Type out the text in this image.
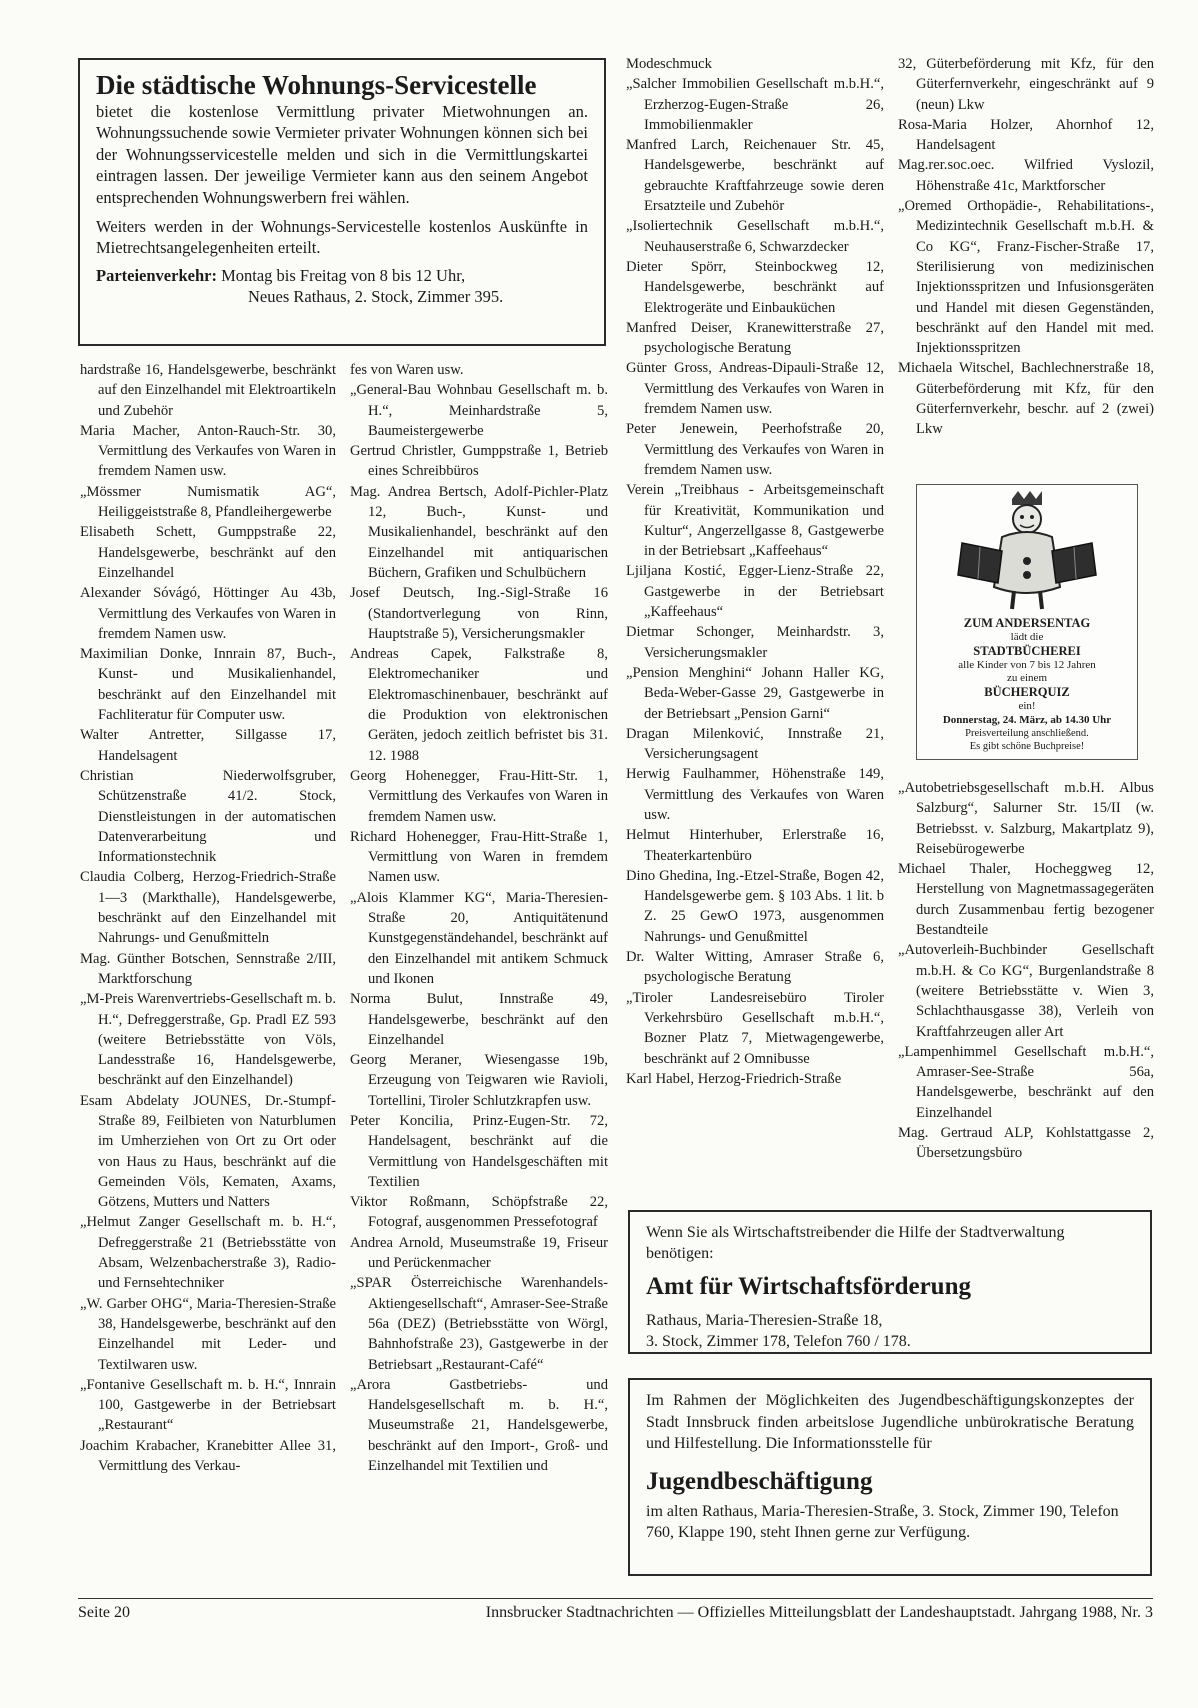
Die städtische Wohnungs-Servicestelle

bietet die kostenlose Vermittlung privater Mietwohnungen an. Wohnungssuchende sowie Vermieter privater Wohnungen können sich bei der Wohnungsservicestelle melden und sich in die Vermittlungskartei eintragen lassen. Der jeweilige Vermieter kann aus den seinem Angebot entsprechenden Wohnungswerbern frei wählen.

Weiters werden in der Wohnungs-Servicestelle kostenlos Auskünfte in Mietrechtsangelegenheiten erteilt.

Parteienverkehr: Montag bis Freitag von 8 bis 12 Uhr,

Neues Rathaus, 2. Stock, Zimmer 395.

hardstraße 16, Handelsgewerbe, beschränkt auf den Einzelhandel mit Elektroartikeln und Zubehör

Maria Macher, Anton-Rauch-Str. 30, Vermittlung des Verkaufes von Waren in fremdem Namen usw.

„Mössmer Numismatik AG“, Heiliggeiststraße 8, Pfandleihergewerbe

Elisabeth Schett, Gumppstraße 22, Handelsgewerbe, beschränkt auf den Einzelhandel

Alexander Sóvágó, Höttinger Au 43b, Vermittlung des Verkaufes von Waren in fremdem Namen usw.

Maximilian Donke, Innrain 87, Buch-, Kunst- und Musikalienhandel, beschränkt auf den Einzelhandel mit Fachliteratur für Computer usw.

Walter Antretter, Sillgasse 17, Handelsagent

Christian Niederwolfsgruber, Schützenstraße 41/2. Stock, Dienstleistungen in der automatischen Datenverarbeitung und Informationstechnik

Claudia Colberg, Herzog-Friedrich-Straße 1—3 (Markthalle), Handelsgewerbe, beschränkt auf den Einzelhandel mit Nahrungs- und Genußmitteln

Mag. Günther Botschen, Sennstraße 2/III, Marktforschung

„M-Preis Warenvertriebs-Gesellschaft m. b. H.“, Defreggerstraße, Gp. Pradl EZ 593 (weitere Betriebsstätte von Völs, Landesstraße 16, Handelsgewerbe, beschränkt auf den Einzelhandel)

Esam Abdelaty JOUNES, Dr.-Stumpf-Straße 89, Feilbieten von Naturblumen im Umherziehen von Ort zu Ort oder von Haus zu Haus, beschränkt auf die Gemeinden Völs, Kematen, Axams, Götzens, Mutters und Natters

„Helmut Zanger Gesellschaft m. b. H.“, Defreggerstraße 21 (Betriebsstätte von Absam, Welzenbacherstraße 3), Radio- und Fernsehtechniker

„W. Garber OHG“, Maria-Theresien-Straße 38, Handelsgewerbe, beschränkt auf den Einzelhandel mit Leder- und Textilwaren usw.

„Fontanive Gesellschaft m. b. H.“, Innrain 100, Gastgewerbe in der Betriebsart „Restaurant“

Joachim Krabacher, Kranebitter Allee 31, Vermittlung des Verkau-

fes von Waren usw.

„General-Bau Wohnbau Gesellschaft m. b. H.“, Meinhardstraße 5, Baumeistergewerbe

Gertrud Christler, Gumppstraße 1, Betrieb eines Schreibbüros

Mag. Andrea Bertsch, Adolf-Pichler-Platz 12, Buch-, Kunst- und Musikalienhandel, beschränkt auf den Einzelhandel mit antiquarischen Büchern, Grafiken und Schulbüchern

Josef Deutsch, Ing.-Sigl-Straße 16 (Standortverlegung von Rinn, Hauptstraße 5), Versicherungsmakler

Andreas Capek, Falkstraße 8, Elektromechaniker und Elektromaschinenbauer, beschränkt auf die Produktion von elektronischen Geräten, jedoch zeitlich befristet bis 31. 12. 1988

Georg Hohenegger, Frau-Hitt-Str. 1, Vermittlung des Verkaufes von Waren in fremdem Namen usw.

Richard Hohenegger, Frau-Hitt-Straße 1, Vermittlung von Waren in fremdem Namen usw.

„Alois Klammer KG“, Maria-Theresien-Straße 20, Antiquitätenund Kunstgegenständehandel, beschränkt auf den Einzelhandel mit antikem Schmuck und Ikonen

Norma Bulut, Innstraße 49, Handelsgewerbe, beschränkt auf den Einzelhandel

Georg Meraner, Wiesengasse 19b, Erzeugung von Teigwaren wie Ravioli, Tortellini, Tiroler Schlutzkrapfen usw.

Peter Koncilia, Prinz-Eugen-Str. 72, Handelsagent, beschränkt auf die Vermittlung von Handelsgeschäften mit Textilien

Viktor Roßmann, Schöpfstraße 22, Fotograf, ausgenommen Pressefotograf

Andrea Arnold, Museumstraße 19, Friseur und Perückenmacher

„SPAR Österreichische Warenhandels-Aktiengesellschaft“, Amraser-See-Straße 56a (DEZ) (Betriebsstätte von Wörgl, Bahnhofstraße 23), Gastgewerbe in der Betriebsart „Restaurant-Café“

„Arora Gastbetriebs- und Handelsgesellschaft m. b. H.“, Museumstraße 21, Handelsgewerbe, beschränkt auf den Import-, Groß- und Einzelhandel mit Textilien und

Modeschmuck

„Salcher Immobilien Gesellschaft m.b.H.“, Erzherzog-Eugen-Straße 26, Immobilienmakler

Manfred Larch, Reichenauer Str. 45, Handelsgewerbe, beschränkt auf gebrauchte Kraftfahrzeuge sowie deren Ersatzteile und Zubehör

„Isoliertechnik Gesellschaft m.b.H.“, Neuhauserstraße 6, Schwarzdecker

Dieter Spörr, Steinbockweg 12, Handelsgewerbe, beschränkt auf Elektrogeräte und Einbauküchen

Manfred Deiser, Kranewitterstraße 27, psychologische Beratung

Günter Gross, Andreas-Dipauli-Straße 12, Vermittlung des Verkaufes von Waren in fremdem Namen usw.

Peter Jenewein, Peerhofstraße 20, Vermittlung des Verkaufes von Waren in fremdem Namen usw.

Verein „Treibhaus - Arbeitsgemeinschaft für Kreativität, Kommunikation und Kultur“, Angerzellgasse 8, Gastgewerbe in der Betriebsart „Kaffeehaus“

Ljiljana Kostić, Egger-Lienz-Straße 22, Gastgewerbe in der Betriebsart „Kaffeehaus“

Dietmar Schonger, Meinhardstr. 3, Versicherungsmakler

„Pension Menghini“ Johann Haller KG, Beda-Weber-Gasse 29, Gastgewerbe in der Betriebsart „Pension Garni“

Dragan Milenković, Innstraße 21, Versicherungsagent

Herwig Faulhammer, Höhenstraße 149, Vermittlung des Verkaufes von Waren usw.

Helmut Hinterhuber, Erlerstraße 16, Theaterkartenbüro

Dino Ghedina, Ing.-Etzel-Straße, Bogen 42, Handelsgewerbe gem. § 103 Abs. 1 lit. b Z. 25 GewO 1973, ausgenommen Nahrungs- und Genußmittel

Dr. Walter Witting, Amraser Straße 6, psychologische Beratung

„Tiroler Landesreisebüro Tiroler Verkehrsbüro Gesellschaft m.b.H.“, Bozner Platz 7, Mietwagengewerbe, beschränkt auf 2 Omnibusse

Karl Habel, Herzog-Friedrich-Straße

32, Güterbeförderung mit Kfz, für den Güterfernverkehr, eingeschränkt auf 9 (neun) Lkw

Rosa-Maria Holzer, Ahornhof 12, Handelsagent

Mag.rer.soc.oec. Wilfried Vyslozil, Höhenstraße 41c, Marktforscher

„Oremed Orthopädie-, Rehabilitations-, Medizintechnik Gesellschaft m.b.H. & Co KG“, Franz-Fischer-Straße 17, Sterilisierung von medizinischen Injektionsspritzen und Infusionsgeräten und Handel mit diesen Gegenständen, beschränkt auf den Handel mit med. Injektionsspritzen

Michaela Witschel, Bachlechnerstraße 18, Güterbeförderung mit Kfz, für den Güterfernverkehr, beschr. auf 2 (zwei) Lkw

ZUM ANDERSENTAG
lädt die
STADTBÜCHEREI
alle Kinder von 7 bis 12 Jahren
zu einem
BÜCHERQUIZ
ein!
Donnerstag, 24. März, ab 14.30 Uhr
Preisverteilung anschließend.
Es gibt schöne Buchpreise!

„Autobetriebsgesellschaft m.b.H. Albus Salzburg“, Salurner Str. 15/II (w. Betriebsst. v. Salzburg, Makartplatz 9), Reisebürogewerbe

Michael Thaler, Hocheggweg 12, Herstellung von Magnetmassagegeräten durch Zusammenbau fertig bezogener Bestandteile

„Autoverleih-Buchbinder Gesellschaft m.b.H. & Co KG“, Burgenlandstraße 8 (weitere Betriebsstätte v. Wien 3, Schlachthausgasse 38), Verleih von Kraftfahrzeugen aller Art

„Lampenhimmel Gesellschaft m.b.H.“, Amraser-See-Straße 56a, Handelsgewerbe, beschränkt auf den Einzelhandel

Mag. Gertraud ALP, Kohlstattgasse 2, Übersetzungsbüro

Wenn Sie als Wirtschaftstreibender die Hilfe der Stadtverwaltung benötigen:

Amt für Wirtschaftsförderung

Rathaus, Maria-Theresien-Straße 18,

3. Stock, Zimmer 178, Telefon 760 / 178.

Im Rahmen der Möglichkeiten des Jugendbeschäftigungskonzeptes der Stadt Innsbruck finden arbeitslose Jugendliche unbürokratische Beratung und Hilfestellung. Die Informationsstelle für

Jugendbeschäftigung

im alten Rathaus, Maria-Theresien-Straße, 3. Stock, Zimmer 190, Telefon 760, Klappe 190, steht Ihnen gerne zur Verfügung.

Seite 20	Innsbrucker Stadtnachrichten — Offizielles Mitteilungsblatt der Landeshauptstadt. Jahrgang 1988, Nr. 3
